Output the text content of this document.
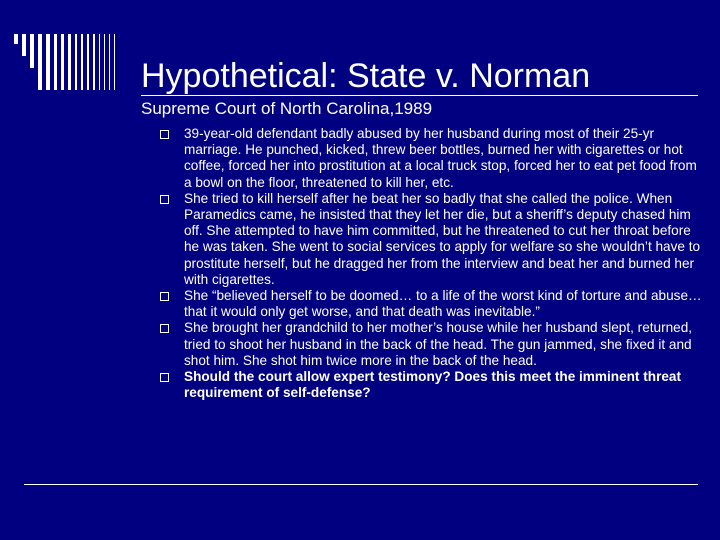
Hypothetical: State v. Norman
Supreme Court of North Carolina,1989
39-year-old defendant badly abused by her husband during most of their 25-yr marriage. He punched, kicked, threw beer bottles, burned her with cigarettes or hot coffee, forced her into prostitution at a local truck stop, forced her to eat pet food from a bowl on the floor, threatened to kill her, etc.
She tried to kill herself after he beat her so badly that she called the police. When Paramedics came, he insisted that they let her die, but a sheriff’s deputy chased him off. She attempted to have him committed, but he threatened to cut her throat before he was taken. She went to social services to apply for welfare so she wouldn’t have to prostitute herself, but he dragged her from the interview and beat her and burned her with cigarettes.
She “believed herself to be doomed… to a life of the worst kind of torture and abuse… that it would only get worse, and that death was inevitable.”
She brought her grandchild to her mother’s house while her husband slept, returned, tried to shoot her husband in the back of the head. The gun jammed, she fixed it and shot him. She shot him twice more in the back of the head.
Should the court allow expert testimony? Does this meet the imminent threat requirement of self-defense?
